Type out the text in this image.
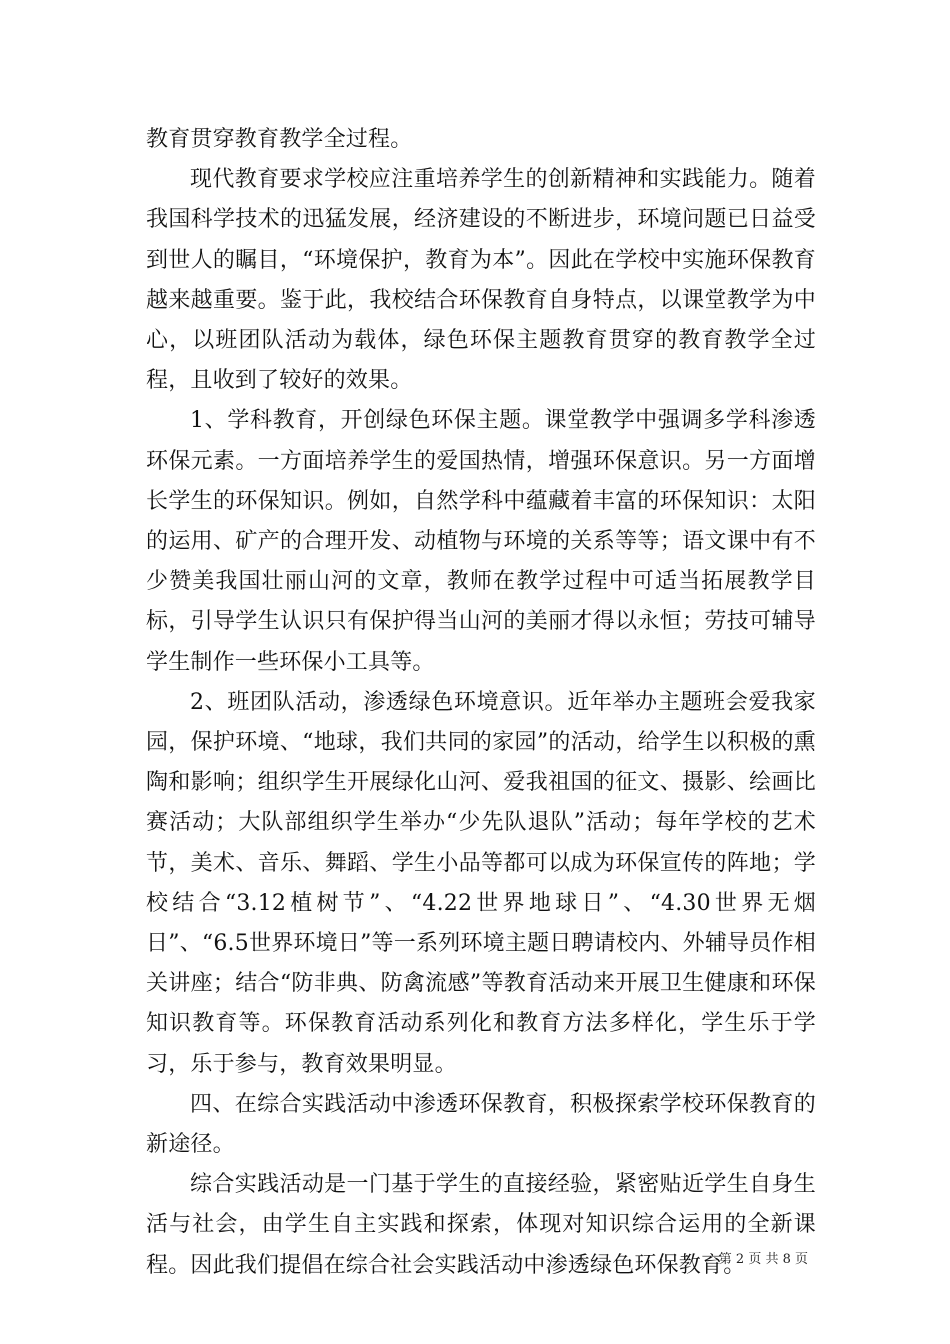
教育贯穿教育教学全过程。

现代教育要求学校应注重培养学生的创新精神和实践能力。随着我国科学技术的迅猛发展，经济建设的不断进步，环境问题已日益受到世人的瞩目，“环境保护，教育为本”。因此在学校中实施环保教育越来越重要。鉴于此，我校结合环保教育自身特点，以课堂教学为中心，以班团队活动为载体，绿色环保主题教育贯穿的教育教学全过程，且收到了较好的效果。

1、学科教育，开创绿色环保主题。课堂教学中强调多学科渗透环保元素。一方面培养学生的爱国热情，增强环保意识。另一方面增长学生的环保知识。例如，自然学科中蕴藏着丰富的环保知识：太阳的运用、矿产的合理开发、动植物与环境的关系等等；语文课中有不少赞美我国壮丽山河的文章，教师在教学过程中可适当拓展教学目标，引导学生认识只有保护得当山河的美丽才得以永恒；劳技可辅导学生制作一些环保小工具等。

2、班团队活动，渗透绿色环境意识。近年举办主题班会爱我家园，保护环境、“地球，我们共同的家园”的活动，给学生以积极的熏陶和影响；组织学生开展绿化山河、爱我祖国的征文、摄影、绘画比赛活动；大队部组织学生举办“少先队退队”活动；每年学校的艺术节，美术、音乐、舞蹈、学生小品等都可以成为环保宣传的阵地；学校结合“3.12植树节”、“4.22世界地球日”、“4.30世界无烟日”、“6.5世界环境日”等一系列环境主题日聘请校内、外辅导员作相关讲座；结合“防非典、防禽流感”等教育活动来开展卫生健康和环保知识教育等。环保教育活动系列化和教育方法多样化，学生乐于学习，乐于参与，教育效果明显。

四、在综合实践活动中渗透环保教育，积极探索学校环保教育的新途径。

综合实践活动是一门基于学生的直接经验，紧密贴近学生自身生活与社会，由学生自主实践和探索，体现对知识综合运用的全新课程。因此我们提倡在综合社会实践活动中渗透绿色环保教育。

第 2 页 共 8 页
